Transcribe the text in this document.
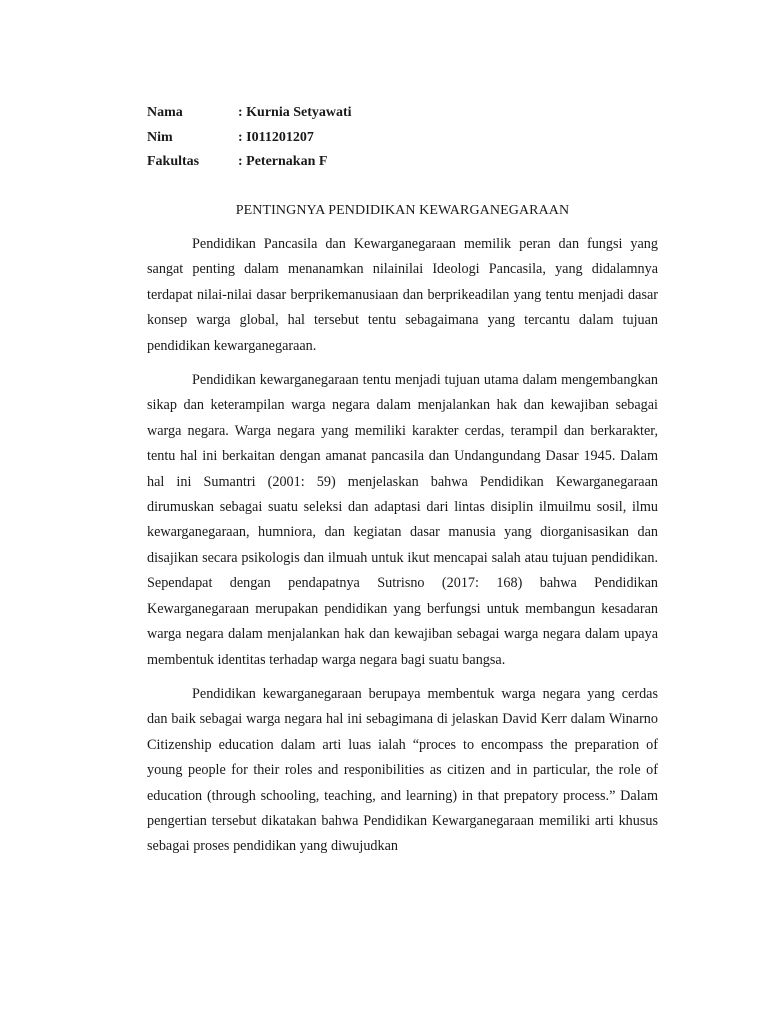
Nama	: Kurnia Setyawati
Nim	: I011201207
Fakultas	: Peternakan F
PENTINGNYA PENDIDIKAN KEWARGANEGARAAN

Pendidikan Pancasila dan Kewarganegaraan memilik peran dan fungsi yang sangat penting dalam menanamkan nilainilai Ideologi Pancasila, yang didalamnya terdapat nilai-nilai dasar berprikemanusiaan dan berprikeadilan yang tentu menjadi dasar konsep warga global, hal tersebut tentu sebagaimana yang tercantu dalam tujuan pendidikan kewarganegaraan.

Pendidikan kewarganegaraan tentu menjadi tujuan utama dalam mengembangkan sikap dan keterampilan warga negara dalam menjalankan hak dan kewajiban sebagai warga negara. Warga negara yang memiliki karakter cerdas, terampil dan berkarakter, tentu hal ini berkaitan dengan amanat pancasila dan Undangundang Dasar 1945. Dalam hal ini Sumantri (2001: 59) menjelaskan bahwa Pendidikan Kewarganegaraan dirumuskan sebagai suatu seleksi dan adaptasi dari lintas disiplin ilmuilmu sosil, ilmu kewarganegaraan, humniora, dan kegiatan dasar manusia yang diorganisasikan dan disajikan secara psikologis dan ilmuah untuk ikut mencapai salah atau tujuan pendidikan. Sependapat dengan pendapatnya Sutrisno (2017: 168) bahwa Pendidikan Kewarganegaraan merupakan pendidikan yang berfungsi untuk membangun kesadaran warga negara dalam menjalankan hak dan kewajiban sebagai warga negara dalam upaya membentuk identitas terhadap warga negara bagi suatu bangsa.

Pendidikan kewarganegaraan berupaya membentuk warga negara yang cerdas dan baik sebagai warga negara hal ini sebagimana di jelaskan David Kerr dalam Winarno Citizenship education dalam arti luas ialah “proces to encompass the preparation of young people for their roles and responibilities as citizen and in particular, the role of education (through schooling, teaching, and learning) in that prepatory process.” Dalam pengertian tersebut dikatakan bahwa Pendidikan Kewarganegaraan memiliki arti khusus sebagai proses pendidikan yang diwujudkan
